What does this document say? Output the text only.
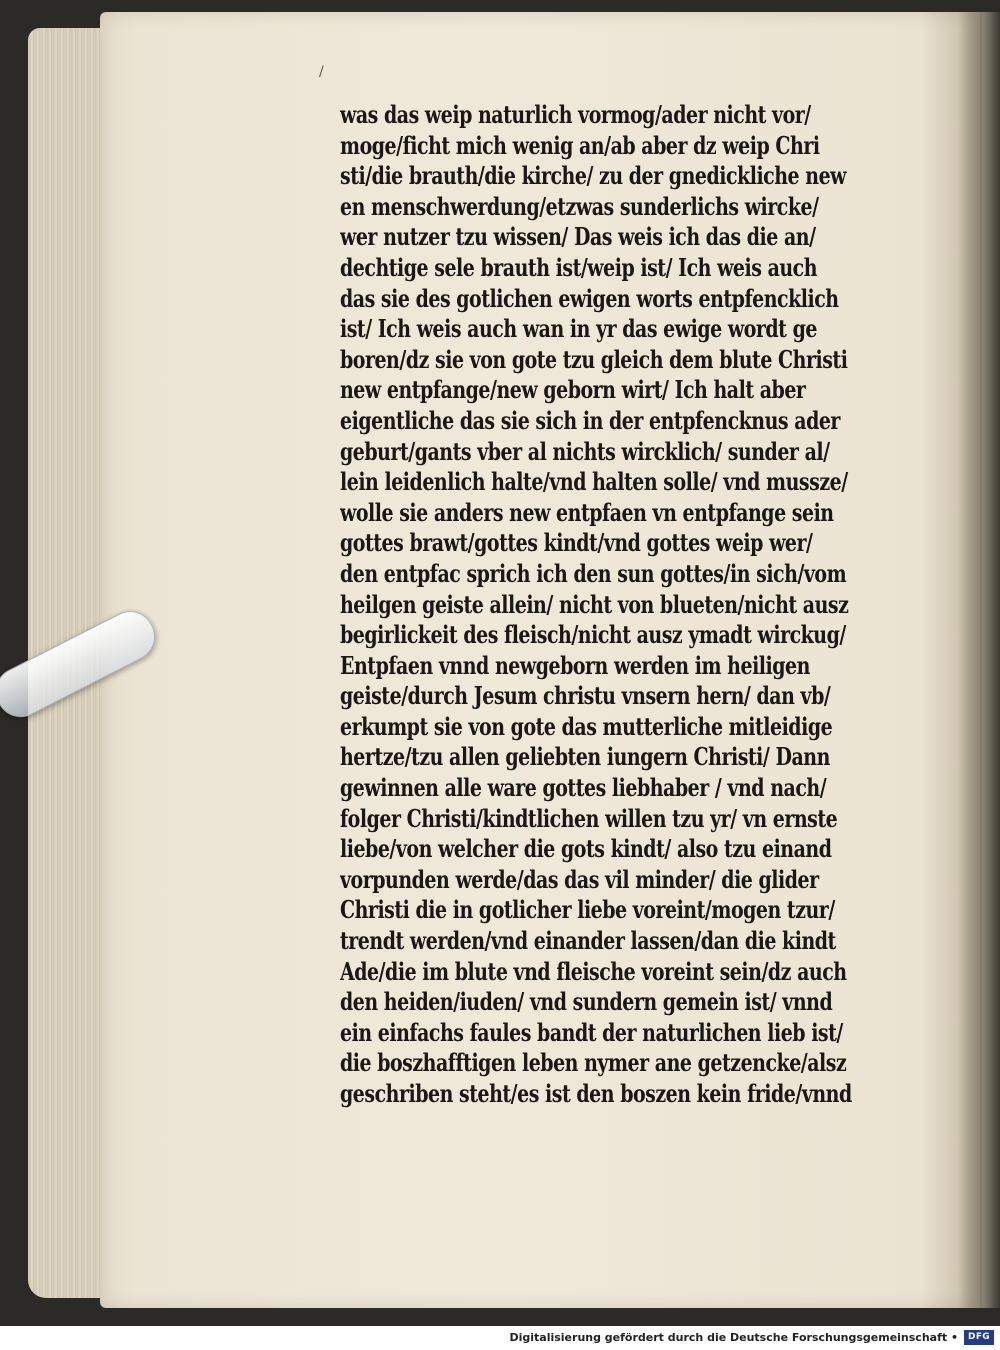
/
was das weip naturlich vormog/ader nicht vor/
moge/ficht mich wenig an/ab aber dz weip Chri
sti/die brauth/die kirche/ zu der gnedickliche new
en menschwerdung/etzwas sunderlichs wircke/
wer nutzer tzu wissen/ Das weis ich das die an/
dechtige sele brauth ist/weip ist/ Ich weis auch
das sie des gotlichen ewigen worts entpfencklich
ist/ Ich weis auch wan in yr das ewige wordt ge
boren/dz sie von gote tzu gleich dem blute Christi
new entpfange/new geborn wirt/ Ich halt aber
eigentliche das sie sich in der entpfencknus ader
geburt/gants vber al nichts wircklich/ sunder al/
lein leidenlich halte/vnd halten solle/ vnd mussze/
wolle sie anders new entpfaen vn entpfange sein
gottes brawt/gottes kindt/vnd gottes weip wer/
den entpfac sprich ich den sun gottes/in sich/vom
heilgen geiste allein/ nicht von blueten/nicht ausz
begirlickeit des fleisch/nicht ausz ymadt wirckug/
Entpfaen vnnd newgeborn werden im heiligen
geiste/durch Jesum christu vnsern hern/ dan vb/
erkumpt sie von gote das mutterliche mitleidige
hertze/tzu allen geliebten iungern Christi/ Dann
gewinnen alle ware gottes liebhaber / vnd nach/
folger Christi/kindtlichen willen tzu yr/ vn ernste
liebe/von welcher die gots kindt/ also tzu einand
vorpunden werde/das das vil minder/ die glider
Christi die in gotlicher liebe voreint/mogen tzur/
trendt werden/vnd einander lassen/dan die kindt
Ade/die im blute vnd fleische voreint sein/dz auch
den heiden/iuden/ vnd sundern gemein ist/ vnnd
ein einfachs faules bandt der naturlichen lieb ist/
die boszhafftigen leben nymer ane getzencke/alsz
geschriben steht/es ist den boszen kein fride/vnnd
Digitalisierung gefördert durch die Deutsche Forschungsgemeinschaft •	DFG
